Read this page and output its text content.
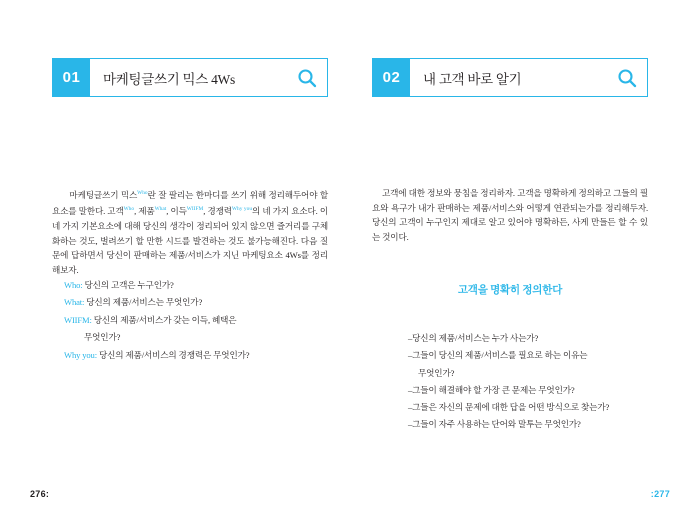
01	마케팅글쓰기 믹스 4Ws

마케팅글쓰기 믹스$^{Who}$란 잘 팔리는 한마디를 쓰기 위해 정리해두어야 할 요소를 말한다. 고객$^{Who}$, 제품$^{What}$, 이득$^{WIIFM}$, 경쟁력$^{Why you}$의 네 가지 요소다. 이 네 가지 기본요소에 대해 당신의 생각이 정리되어 있지 않으면 즐거리를 구체화하는 것도, 벌려쓰기 할 만한 시드를 발견하는 것도 불가능해진다. 다음 질문에 답하면서 당신이 판매하는 제품/서비스가 지닌 마케팅요소 4Ws를 정리해보자.

Who: 당신의 고객은 누구인가?
What: 당신의 제품/서비스는 무엇인가?
WIIFM: 당신의 제품/서비스가 갖는 이득, 혜택은
무엇인가?
Why you: 당신의 제품/서비스의 경쟁력은 무엇인가?
276:
02	내 고객 바로 알기

고객에 대한 정보와 뭉침을 정리하자. 고객을 명확하게 정의하고 그들의 필요와 욕구가 내가 판매하는 제품/서비스와 어떻게 연관되는가를 정리해두자. 당신의 고객이 누구인지 제대로 알고 있어야 명확하든, 사게 만들든 할 수 있는 것이다.

고객을 명확히 정의한다
–당신의 제품/서비스는 누가 사는가?
–그들이 당신의 제품/서비스를 필요로 하는 이유는
무엇인가?
–그들이 해결해야 할 가장 큰 문제는 무엇인가?
–그들은 자신의 문제에 대한 답을 어떤 방식으로 찾는가?
–그들이 자주 사용하는 단어와 말투는 무엇인가?
:277
